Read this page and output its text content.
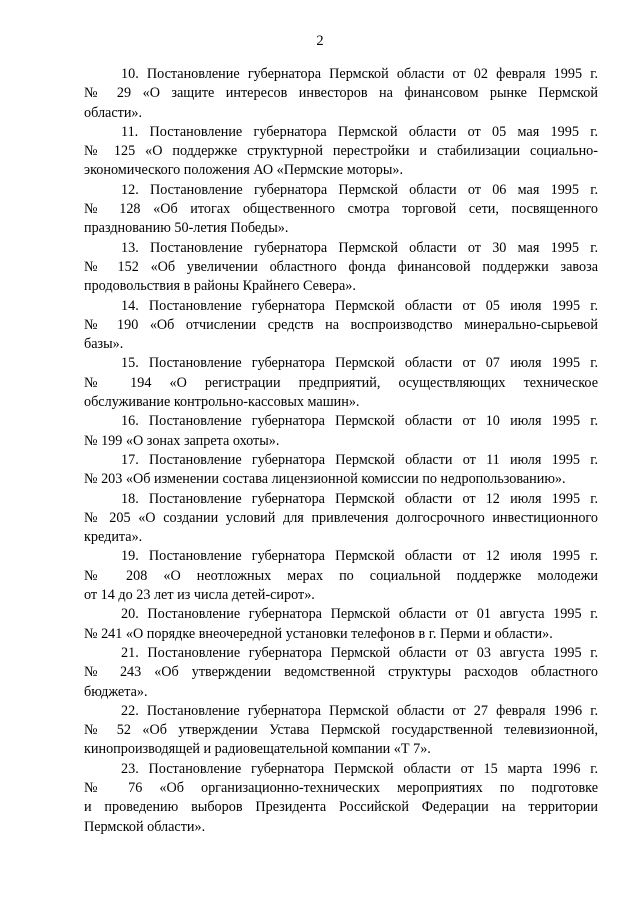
2

10. Постановление губернатора Пермской области от 02 февраля 1995 г.

№ 29 «О защите интересов инвесторов на финансовом рынке Пермской

области».

11. Постановление губернатора Пермской области от 05 мая 1995 г.

№ 125 «О поддержке структурной перестройки и стабилизации социально-

экономического положения АО «Пермские моторы».

12. Постановление губернатора Пермской области от 06 мая 1995 г.

№ 128 «Об итогах общественного смотра торговой сети, посвященного

празднованию 50-летия Победы».

13. Постановление губернатора Пермской области от 30 мая 1995 г.

№ 152 «Об увеличении областного фонда финансовой поддержки завоза

продовольствия в районы Крайнего Севера».

14. Постановление губернатора Пермской области от 05 июля 1995 г.

№ 190 «Об отчислении средств на воспроизводство минерально-сырьевой

базы».

15. Постановление губернатора Пермской области от 07 июля 1995 г.

№ 194 «О регистрации предприятий, осуществляющих техническое

обслуживание контрольно-кассовых машин».

16. Постановление губернатора Пермской области от 10 июля 1995 г.

№ 199 «О зонах запрета охоты».

17. Постановление губернатора Пермской области от 11 июля 1995 г.

№ 203 «Об изменении состава лицензионной комиссии по недропользованию».

18. Постановление губернатора Пермской области от 12 июля 1995 г.

№ 205 «О создании условий для привлечения долгосрочного инвестиционного

кредита».

19. Постановление губернатора Пермской области от 12 июля 1995 г.

№ 208 «О неотложных мерах по социальной поддержке молодежи

от 14 до 23 лет из числа детей-сирот».

20. Постановление губернатора Пермской области от 01 августа 1995 г.

№ 241 «О порядке внеочередной установки телефонов в г. Перми и области».

21. Постановление губернатора Пермской области от 03 августа 1995 г.

№ 243 «Об утверждении ведомственной структуры расходов областного

бюджета».

22. Постановление губернатора Пермской области от 27 февраля 1996 г.

№ 52 «Об утверждении Устава Пермской государственной телевизионной,

кинопроизводящей и радиовещательной компании «Т 7».

23. Постановление губернатора Пермской области от 15 марта 1996 г.

№ 76 «Об организационно-технических мероприятиях по подготовке

и проведению выборов Президента Российской Федерации на территории

Пермской области».
